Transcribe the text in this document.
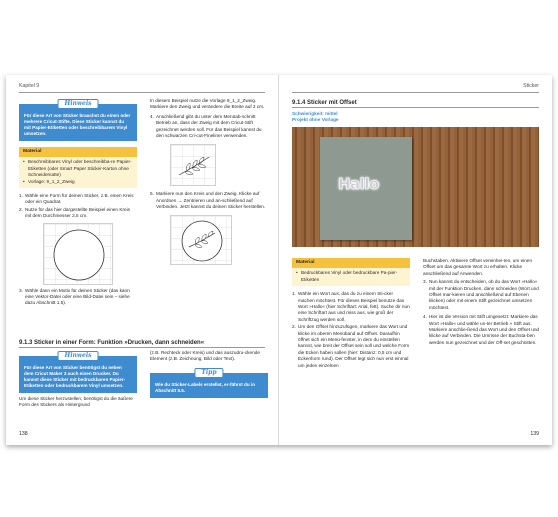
Kapitel 9
Hinweis
Für diese Art von Sticker brauchst du einen oder mehrere Cricut-Stifte. Diese Sticker kannst du mit Papier-Etiketten oder beschreibbarem Vinyl umsetzen.
Material
• Beschreibbares Vinyl oder beschreibba-re Papier-Etiketten (oder Smart Paper Sticker-Karton ohne Schneidematte)
• Vorlage: 9_1_2_Zweig
1. Wähle eine Form für deinen Sticker, z.B. einen Kreis oder ein Quadrat.
2. Nutze für das hier dargestellte Beispiel einen Kreis mit dem Durchmesser 2,5 cm.
3. Wähle dann ein Motiv für deinen Sticker (das kann eine Vektor-Datei oder eine Bild-Datei sein – siehe dazu Abschnitt 1.5).

In diesem Beispiel nutze die Vorlage 9_1_2_Zweig. Markiere den Zweig und verändere die Breite auf 2 cm.

4. Anschließend gibt du unter dem Menüab-schnitt Betrieb an, dass der Zweig mit dem Cricut-Stift gezeichnet werden soll. Für das Beispiel kannst du den schwarzen Cri-cut-Fineliner verwenden.
5. Markiere nun den Kreis und den Zweig. Klicke auf Anordnen → Zentrieren und an-schließend auf Verbinden. Jetzt kannst du deinen Sticker herstellen.
9.1.3 Sticker in einer Form: Funktion »Drucken, dann schneiden«
Hinweis
Für diese Art von Sticker benötigst du neben dem Cricut Maker 3 auch einen Drucker. Du kannst diese Sticker mit bedruckbaren Papier-Etiketten oder bedruckbarem Vinyl umsetzen.

Um diese Sticker herzustellen, benötigst du die äußere Form des Stickers als Hintergrund

(z.B. Rechteck oder Kreis) und das auszudru-ckende Element (z.B. Zeichnung, Bild oder Text).

Tipp
Wie du Sticker-Labels erstellst, er-fährst du in Abschnitt 5.5.
138
Sticker
9.1.4 Sticker mit Offset
Schwierigkeit: mittel
Projekt ohne Vorlage
Hallo
Material
• Bedruckbares Vinyl oder bedruckbare Pa-pier-Etiketten
1. Wähle ein Wort aus, das du zu einem Sti-cker machen möchtest. Für dieses Beispiel benutze das Wort »Hallo« (hier Schriftart: Arial, fett). Suche dir nun eine Schriftart aus und miss aus, wie groß der Schriftzug werden soll.
2. Um den Offset hinzuzufügen, markiere das Wort und klicke im oberen Menüband auf Offset. Daraufhin öffnet sich ein Menü-fenster, in dem du einstellen kannst, wie breit der Offset sein soll und welche Form die Ecken haben sollen (hier: Distanz: 0,5 cm und Eckenform rund). Der Offset legt sich nun erst einmal um jeden einzelnen

Buchstaben. Aktiviere Offset vereinhei-ten, um einen Offset um das gesamte Wort zu erhalten. Klicke anschließend auf Anwenden.

3. Nun kannst du entscheiden, ob du das Wort »Hallo« mit der Funktion Drucken, dann schneiden (Wort und Offset mar-kieren und anschließend auf Ebenen klicken) oder mit einem Stift gezeichnet umsetzen möchtest.
4. Hier ist die Version mit Stift umgesetzt: Markiere das Wort »Hallo« und wähle un-ter Betrieb » Stift aus. Markiere anschlie-ßend das Wort und den Offset und klicke auf Verbinden. Die Umrisse der Buchsta-ben werden nun gezeichnet und der Off-set geschnitten.
139
